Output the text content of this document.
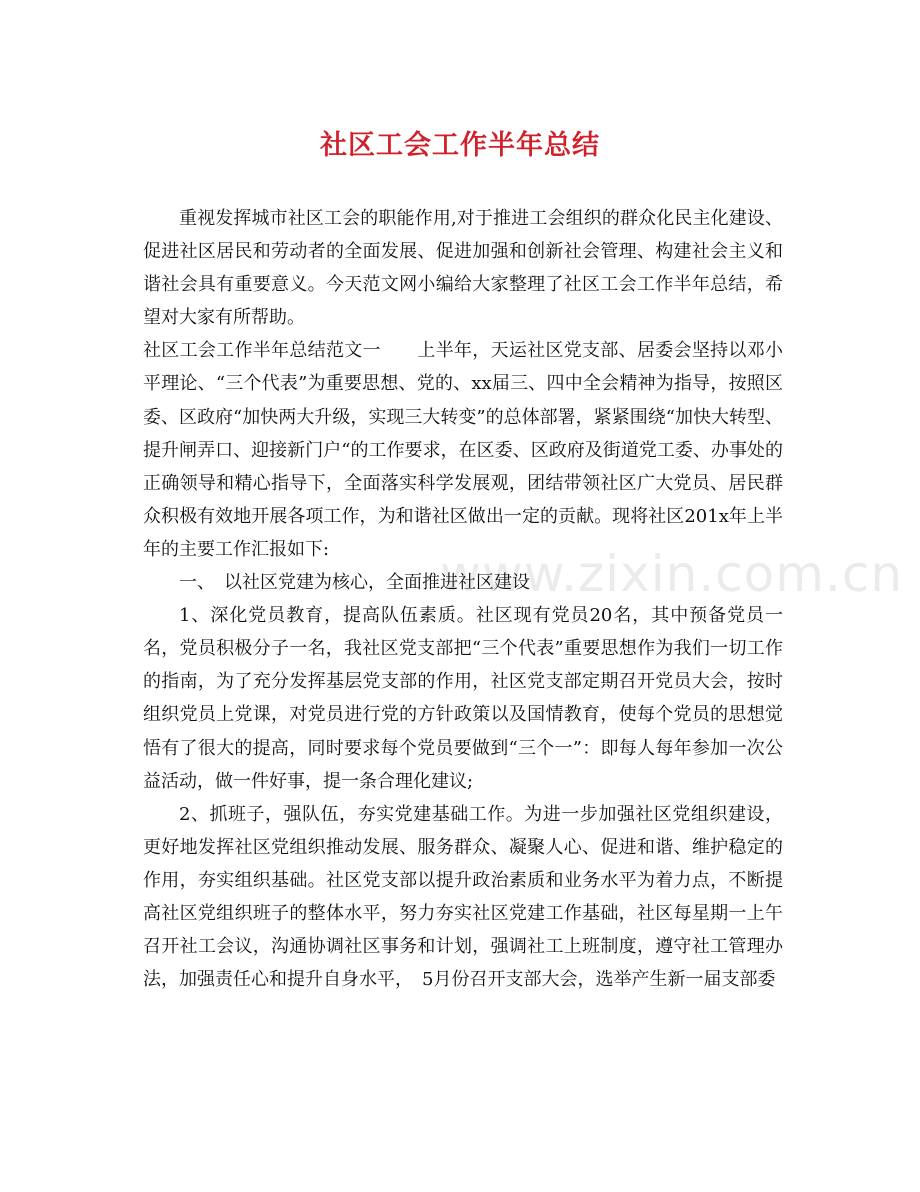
社区工会工作半年总结

重视发挥城市社区工会的职能作用,对于推进工会组织的群众化民主化建设、促进社区居民和劳动者的全面发展、促进加强和创新社会管理、构建社会主义和谐社会具有重要意义。今天范文网小编给大家整理了社区工会工作半年总结，希望对大家有所帮助。

社区工会工作半年总结范文一　　上半年，天运社区党支部、居委会坚持以邓小平理论、“三个代表”为重要思想、党的、xx届三、四中全会精神为指导，按照区委、区政府“加快两大升级，实现三大转变”的总体部署，紧紧围绕“加快大转型、提升闸弄口、迎接新门户“的工作要求，在区委、区政府及街道党工委、办事处的正确领导和精心指导下，全面落实科学发展观，团结带领社区广大党员、居民群众积极有效地开展各项工作，为和谐社区做出一定的贡献。现将社区201x年上半年的主要工作汇报如下:

一、　以社区党建为核心，全面推进社区建设

1、深化党员教育，提高队伍素质。社区现有党员20名，其中预备党员一名，党员积极分子一名，我社区党支部把“三个代表”重要思想作为我们一切工作的指南，为了充分发挥基层党支部的作用，社区党支部定期召开党员大会，按时组织党员上党课，对党员进行党的方针政策以及国情教育，使每个党员的思想觉悟有了很大的提高，同时要求每个党员要做到“三个一”：即每人每年参加一次公益活动，做一件好事，提一条合理化建议;

2、抓班子，强队伍，夯实党建基础工作。为进一步加强社区党组织建设，更好地发挥社区党组织推动发展、服务群众、凝聚人心、促进和谐、维护稳定的作用，夯实组织基础。社区党支部以提升政治素质和业务水平为着力点，不断提高社区党组织班子的整体水平，努力夯实社区党建工作基础，社区每星期一上午召开社工会议，沟通协调社区事务和计划，强调社工上班制度，遵守社工管理办法，加强责任心和提升自身水平，　5月份召开支部大会，选举产生新一届支部委

www.zixin.com.cn
